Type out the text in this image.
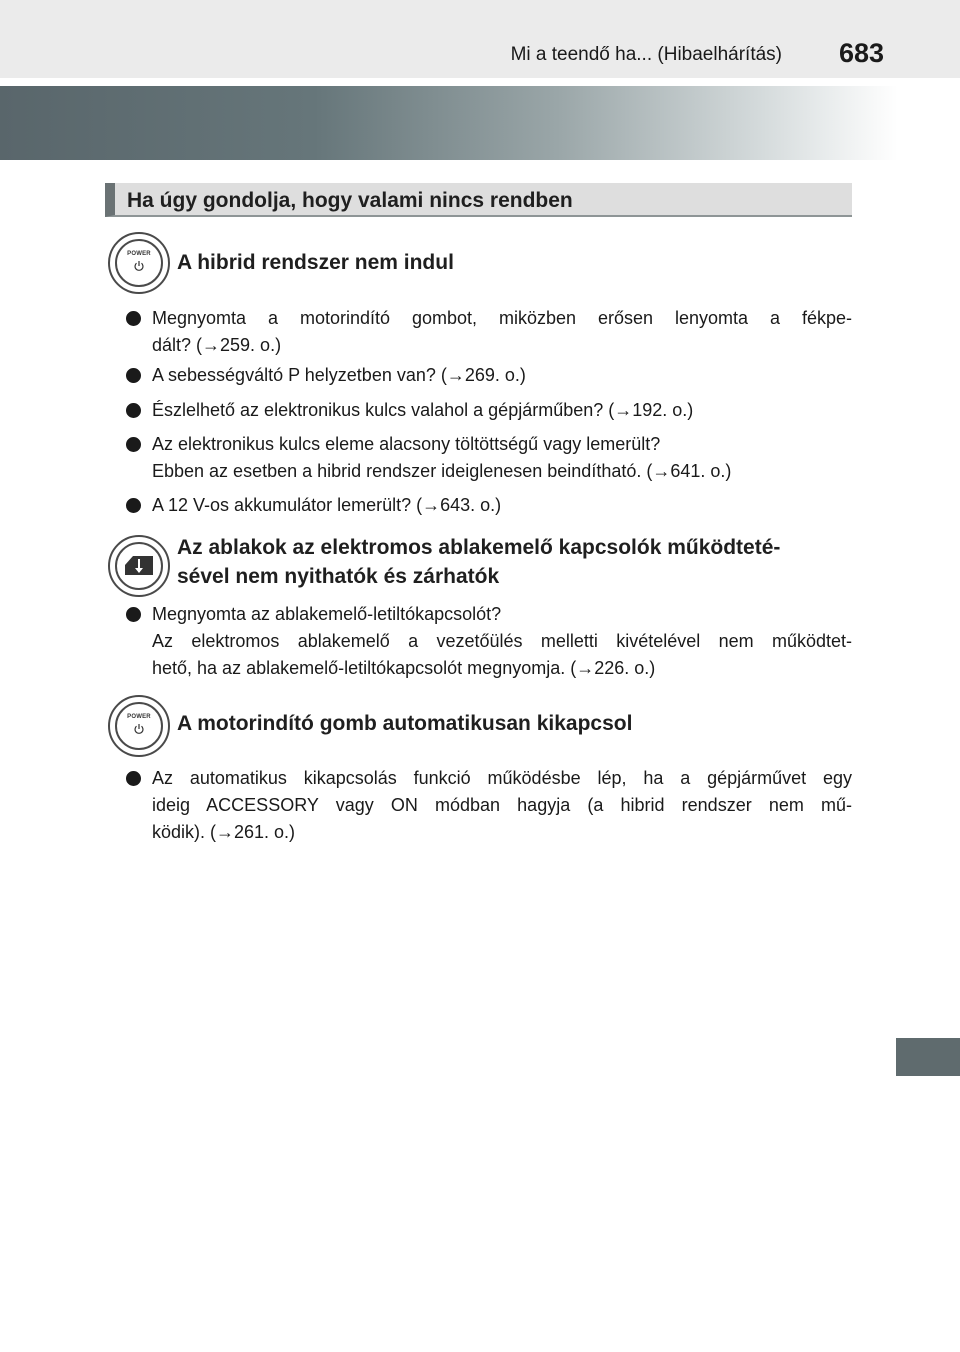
Mi a teendő ha... (Hibaelhárítás) 683
Ha úgy gondolja, hogy valami nincs rendben
POWER	A hibrid rendszer nem indul
Megnyomta a motorindító gombot, miközben erősen lenyomta a fékpe-
dált? (→259. o.)
A sebességváltó P helyzetben van? (→269. o.)
Észlelhető az elektronikus kulcs valahol a gépjárműben? (→192. o.)
Az elektronikus kulcs eleme alacsony töltöttségű vagy lemerült?
Ebben az esetben a hibrid rendszer ideiglenesen beindítható. (→641. o.)
A 12 V-os akkumulátor lemerült? (→643. o.)
Az ablakok az elektromos ablakemelő kapcsolók működteté-
sével nem nyithatók és zárhatók
Megnyomta az ablakemelő-letiltókapcsolót?
Az elektromos ablakemelő a vezetőülés melletti kivételével nem működtet-
hető, ha az ablakemelő-letiltókapcsolót megnyomja. (→226. o.)
POWER	A motorindító gomb automatikusan kikapcsol
Az automatikus kikapcsolás funkció működésbe lép, ha a gépjárművet egy
ideig ACCESSORY vagy ON módban hagyja (a hibrid rendszer nem mű-
ködik). (→261. o.)
